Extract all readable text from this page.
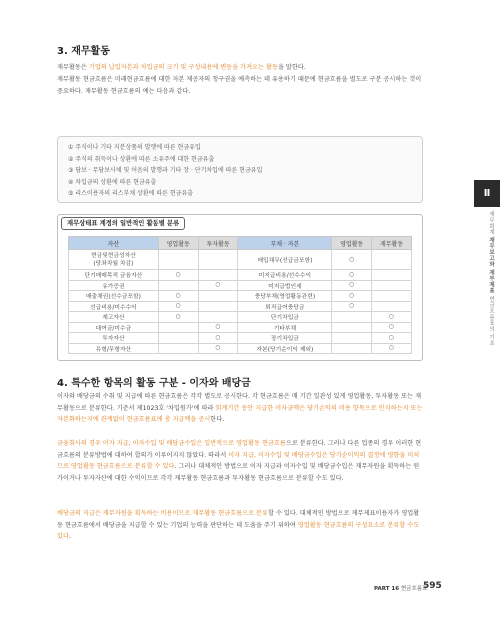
3. 재무활동
재무활동은 기업의 납입자본과 차입금의 크기 및 구성내용에 변동을 가져오는 활동을 말한다.
재무활동 현금흐름은 미래현금흐름에 대한 자본 제공자의 청구권을 예측하는 데 유용하기 때문에 현금흐름을 별도로 구분 공시하는 것이 중요하다. 재무활동 현금흐름의 예는 다음과 같다.
① 주식이나 기타 지분상품의 발행에 따른 현금유입
② 주식의 취득이나 상환에 따른 소유주에 대한 현금유출
③ 담보 · 무담보사채 및 어음의 발행과 기타 장 · 단기차입에 따른 현금유입
④ 차입금의 상환에 따른 현금유출
⑤ 리스이용자의 리스부채 상환에 따른 현금유출
재무상태표 계정의 일반적인 활동별 분류
자산	영업활동	투자활동	부채 · 자본	영업활동	재무활동
현금및현금성자산
(당좌차월 차감)			매입채무(선급금포함)	○	
단기매매목적 금융자산	○		미지급비용/선수수익	○	
유가증권		○	미지급법인세	○	
매출채권(선수금포함)	○		충당부채(영업활동관련)	○	
선급비용/미수수익	○		퇴직급여충당금	○	
재고자산	○		단기차입금		○
대여금/미수금		○	기타부채		○
투자자산		○	장기차입금		○
유형/무형자산		○	자본(당기순이익 제외)		○
4. 특수한 항목의 활동 구분 - 이자와 배당금
이자와 배당금의 수취 및 지급에 따른 현금흐름은 각각 별도로 공시한다. 각 현금흐름은 매 기간 일관성 있게 영업활동, 투자활동 또는 재무활동으로 분류한다. 기준서 제1023호 '차입원가'에 따라 회계기간 동안 지급한 이자금액은 당기손익의 비용 항목으로 인식하는지 또는 자본화하는지에 관계없이 현금흐름표에 총 지급액을 공시한다.
금융회사의 경우 이자 지급, 이자수입 및 배당금수입은 일반적으로 영업활동 현금흐름으로 분류한다. 그러나 다른 업종의 경우 이러한 현금흐름의 분류방법에 대하여 합의가 이루어지지 않았다. 따라서 이자 지급, 이자수입 및 배당금수입은 당기순이익의 결정에 영향을 미치므로 영업활동 현금흐름으로 분류할 수 있다. 그러나 대체적인 방법으로 이자 지급과 이자수입 및 배당금수입은 재무자원을 획득하는 원가이거나 투자자산에 대한 수익이므로 각각 재무활동 현금흐름과 투자활동 현금흐름으로 분류할 수도 있다.
배당금의 지급은 재무자원을 획득하는 비용이므로 재무활동 현금흐름으로 분류할 수 있다. 대체적인 방법으로 재무제표이용자가 영업활동 현금흐름에서 배당금을 지급할 수 있는 기업의 능력을 판단하는 데 도움을 주기 위하여 영업활동 현금흐름의 구성요소로 분류할 수도 있다.
Ⅱ
재무회계 재무보고와 재무제표 현금흐름표의 기초
PART 16 현금흐름표
595
